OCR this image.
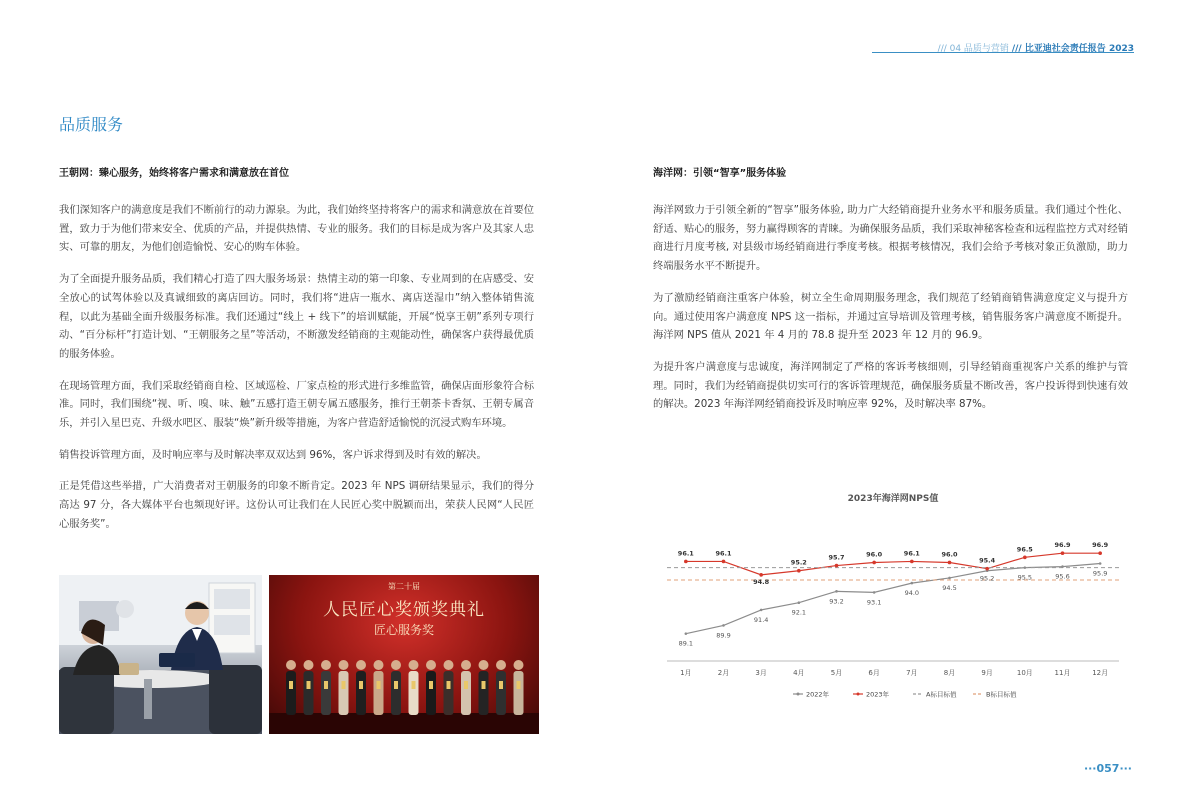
/// 04 品质与营销 /// 比亚迪社会责任报告 2023
品质服务

王朝网：臻心服务，始终将客户需求和满意放在首位

我们深知客户的满意度是我们不断前行的动力源泉。为此，我们始终坚持将客户的需求和满意放在首要位置，致力于为他们带来安全、优质的产品，并提供热情、专业的服务。我们的目标是成为客户及其家人忠实、可靠的朋友，为他们创造愉悦、安心的购车体验。

为了全面提升服务品质，我们精心打造了四大服务场景：热情主动的第一印象、专业周到的在店感受、安全放心的试驾体验以及真诚细致的离店回访。同时，我们将“进店一瓶水、离店送湿巾”纳入整体销售流程，以此为基础全面升级服务标准。我们还通过“线上 + 线下”的培训赋能，开展“悦享王朝”系列专项行动、“百分标杆”打造计划、“王朝服务之星”等活动，不断激发经销商的主观能动性，确保客户获得最优质的服务体验。

在现场管理方面，我们采取经销商自检、区域巡检、厂家点检的形式进行多维监管，确保店面形象符合标准。同时，我们围绕“视、听、嗅、味、触”五感打造王朝专属五感服务，推行王朝茶卡香氛、王朝专属音乐，并引入星巴克、升级水吧区、服装“焕”新升级等措施，为客户营造舒适愉悦的沉浸式购车环境。

销售投诉管理方面，及时响应率与及时解决率双双达到 96%，客户诉求得到及时有效的解决。

正是凭借这些举措，广大消费者对王朝服务的印象不断肯定。2023 年 NPS 调研结果显示，我们的得分高达 97 分，各大媒体平台也频现好评。这份认可让我们在人民匠心奖中脱颖而出，荣获人民网“人民匠心服务奖”。

海洋网：引领“智享”服务体验

海洋网致力于引领全新的“智享”服务体验, 助力广大经销商提升业务水平和服务质量。我们通过个性化、舒适、贴心的服务，努力赢得顾客的青睐。为确保服务品质，我们采取神秘客检查和远程监控方式对经销商进行月度考核, 对县级市场经销商进行季度考核。根据考核情况，我们会给予考核对象正负激励，助力终端服务水平不断提升。

为了激励经销商注重客户体验，树立全生命周期服务理念，我们规范了经销商销售满意度定义与提升方向。通过使用客户满意度 NPS 这一指标，并通过宣导培训及管理考核，销售服务客户满意度不断提升。海洋网 NPS 值从 2021 年 4 月的 78.8 提升至 2023 年 12 月的 96.9。

为提升客户满意度与忠诚度，海洋网制定了严格的客诉考核细则，引导经销商重视客户关系的维护与管理。同时，我们为经销商提供切实可行的客诉管理规范，确保服务质量不断改善，客户投诉得到快速有效的解决。2023 年海洋网经销商投诉及时响应率 92%，及时解决率 87%。

第二十届
人民匠心奖颁奖典礼
匠心服务奖
2023年海洋网NPS值
1月	2月	3月	4月	5月	6月	7月	8月	9月	10月	11月	12月
89.1
89.9
91.4
92.1
93.2	93.1
94.0
94.5
95.2	95.5	95.6	95.9
96.1	96.1
94.8
95.2
95.7	96.0	96.1	96.0
95.4
96.5
96.9	96.9
2022年	2023年	A标目标值	B标目标值
···057···
